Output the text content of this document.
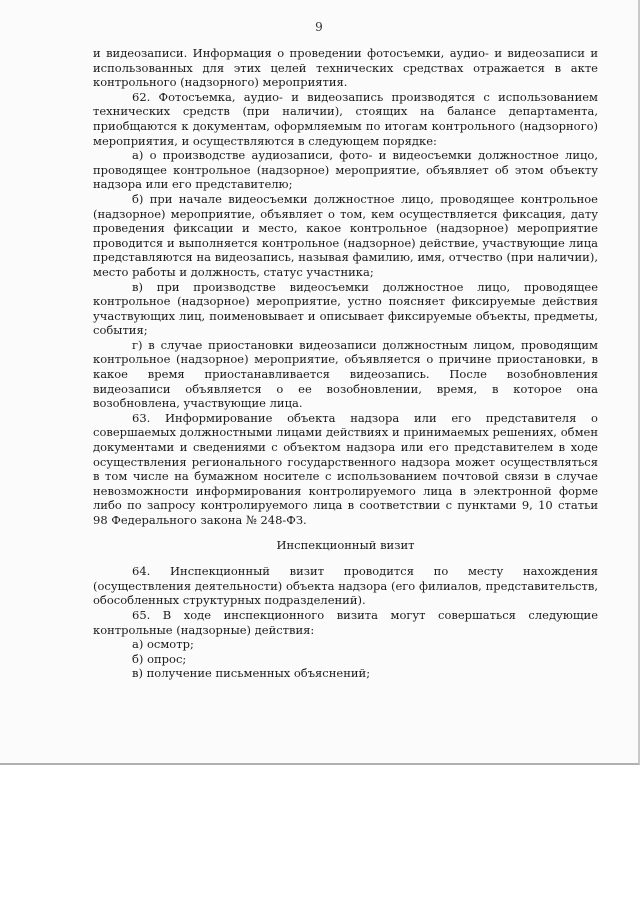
9

и видеозаписи. Информация о проведении фотосъемки, аудио- и видеозаписи и использованных для этих целей технических средствах отражается в акте контрольного (надзорного) мероприятия.

62. Фотосъемка, аудио- и видеозапись производятся с использованием технических средств (при наличии), стоящих на балансе департамента, приобщаются к документам, оформляемым по итогам контрольного (надзорного) мероприятия, и осуществляются в следующем порядке:

а) о производстве аудиозаписи, фото- и видеосъемки должностное лицо, проводящее контрольное (надзорное) мероприятие, объявляет об этом объекту надзора или его представителю;

б) при начале видеосъемки должностное лицо, проводящее контрольное (надзорное) мероприятие, объявляет о том, кем осуществляется фиксация, дату проведения фиксации и место, какое контрольное (надзорное) мероприятие проводится и выполняется контрольное (надзорное) действие, участвующие лица представляются на видеозапись, называя фамилию, имя, отчество (при наличии), место работы и должность, статус участника;

в) при производстве видеосъемки должностное лицо, проводящее контрольное (надзорное) мероприятие, устно поясняет фиксируемые действия участвующих лиц, поименовывает и описывает фиксируемые объекты, предметы, события;

г) в случае приостановки видеозаписи должностным лицом, проводящим контрольное (надзорное) мероприятие, объявляется о причине приостановки, в какое время приостанавливается видеозапись. После возобновления видеозаписи объявляется о ее возобновлении, время, в которое она возобновлена, участвующие лица.

63. Информирование объекта надзора или его представителя о совершаемых должностными лицами действиях и принимаемых решениях, обмен документами и сведениями с объектом надзора или его представителем в ходе осуществления регионального государственного надзора может осуществляться в том числе на бумажном носителе с использованием почтовой связи в случае невозможности информирования контролируемого лица в электронной форме либо по запросу контролируемого лица в соответствии с пунктами 9, 10 статьи 98 Федерального закона № 248-ФЗ.

Инспекционный визит

64. Инспекционный визит проводится по месту нахождения (осуществления деятельности) объекта надзора (его филиалов, представительств, обособленных структурных подразделений).

65. В ходе инспекционного визита могут совершаться следующие контрольные (надзорные) действия:

а) осмотр;

б) опрос;

в) получение письменных объяснений;
